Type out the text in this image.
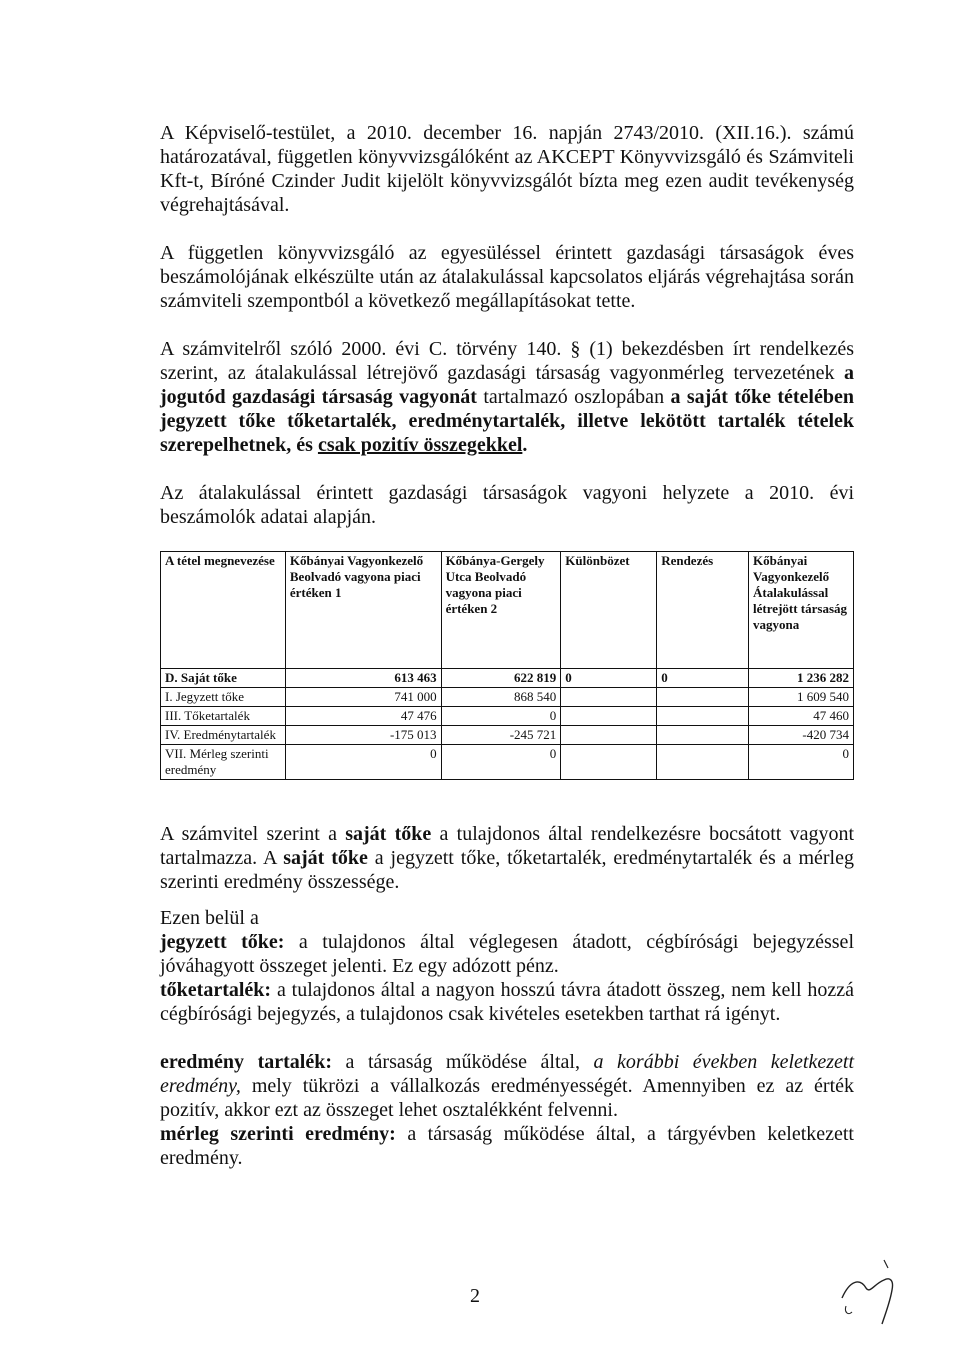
A Képviselő-testület, a 2010. december 16. napján 2743/2010. (XII.16.). számú határozatával, független könyvvizsgálóként az AKCEPT Könyvvizsgáló és Számviteli Kft-t, Bíróné Czinder Judit kijelölt könyvvizsgálót bízta meg ezen audit tevékenység végrehajtásával.

A független könyvvizsgáló az egyesüléssel érintett gazdasági társaságok éves beszámolójának elkészülte után az átalakulással kapcsolatos eljárás végrehajtása során számviteli szempontból a következő megállapításokat tette.

A számvitelről szóló 2000. évi C. törvény 140. § (1) bekezdésben írt rendelkezés szerint, az átalakulással létrejövő gazdasági társaság vagyonmérleg tervezetének a jogutód gazdasági társaság vagyonát tartalmazó oszlopában a saját tőke tételében jegyzett tőke tőketartalék, eredménytartalék, illetve lekötött tartalék tételek szerepelhetnek, és csak pozitív összegekkel.

Az átalakulással érintett gazdasági társaságok vagyoni helyzete a 2010. évi beszámolók adatai alapján.

A tétel megnevezése	Kőbányai Vagyonkezelő Beolvadó vagyona piaci értéken 1	Kőbánya-Gergely Utca Beolvadó vagyona piaci értéken 2	Különbözet	Rendezés	Kőbányai Vagyonkezelő Átalakulással létrejött társaság vagyona
D. Saját tőke	613 463	622 819	0	0	1 236 282
I. Jegyzett tőke	741 000	868 540			1 609 540
III. Tőketartalék	47 476	0			47 460
IV. Eredménytartalék	-175 013	-245 721			-420 734
VII. Mérleg szerinti eredmény	0	0			0

A számvitel szerint a saját tőke a tulajdonos által rendelkezésre bocsátott vagyont tartalmazza. A saját tőke a jegyzett tőke, tőketartalék, eredménytartalék és a mérleg szerinti eredmény összessége.

Ezen belül a

jegyzett tőke: a tulajdonos által véglegesen átadott, cégbírósági bejegyzéssel jóváhagyott összeget jelenti. Ez egy adózott pénz.

tőketartalék: a tulajdonos által a nagyon hosszú távra átadott összeg, nem kell hozzá cégbírósági bejegyzés, a tulajdonos csak kivételes esetekben tarthat rá igényt.

eredmény tartalék: a társaság működése által, a korábbi években keletkezett eredmény, mely tükrözi a vállalkozás eredményességét. Amennyiben ez az érték pozitív, akkor ezt az összeget lehet osztalékként felvenni.

mérleg szerinti eredmény: a társaság működése által, a tárgyévben keletkezett eredmény.

2
